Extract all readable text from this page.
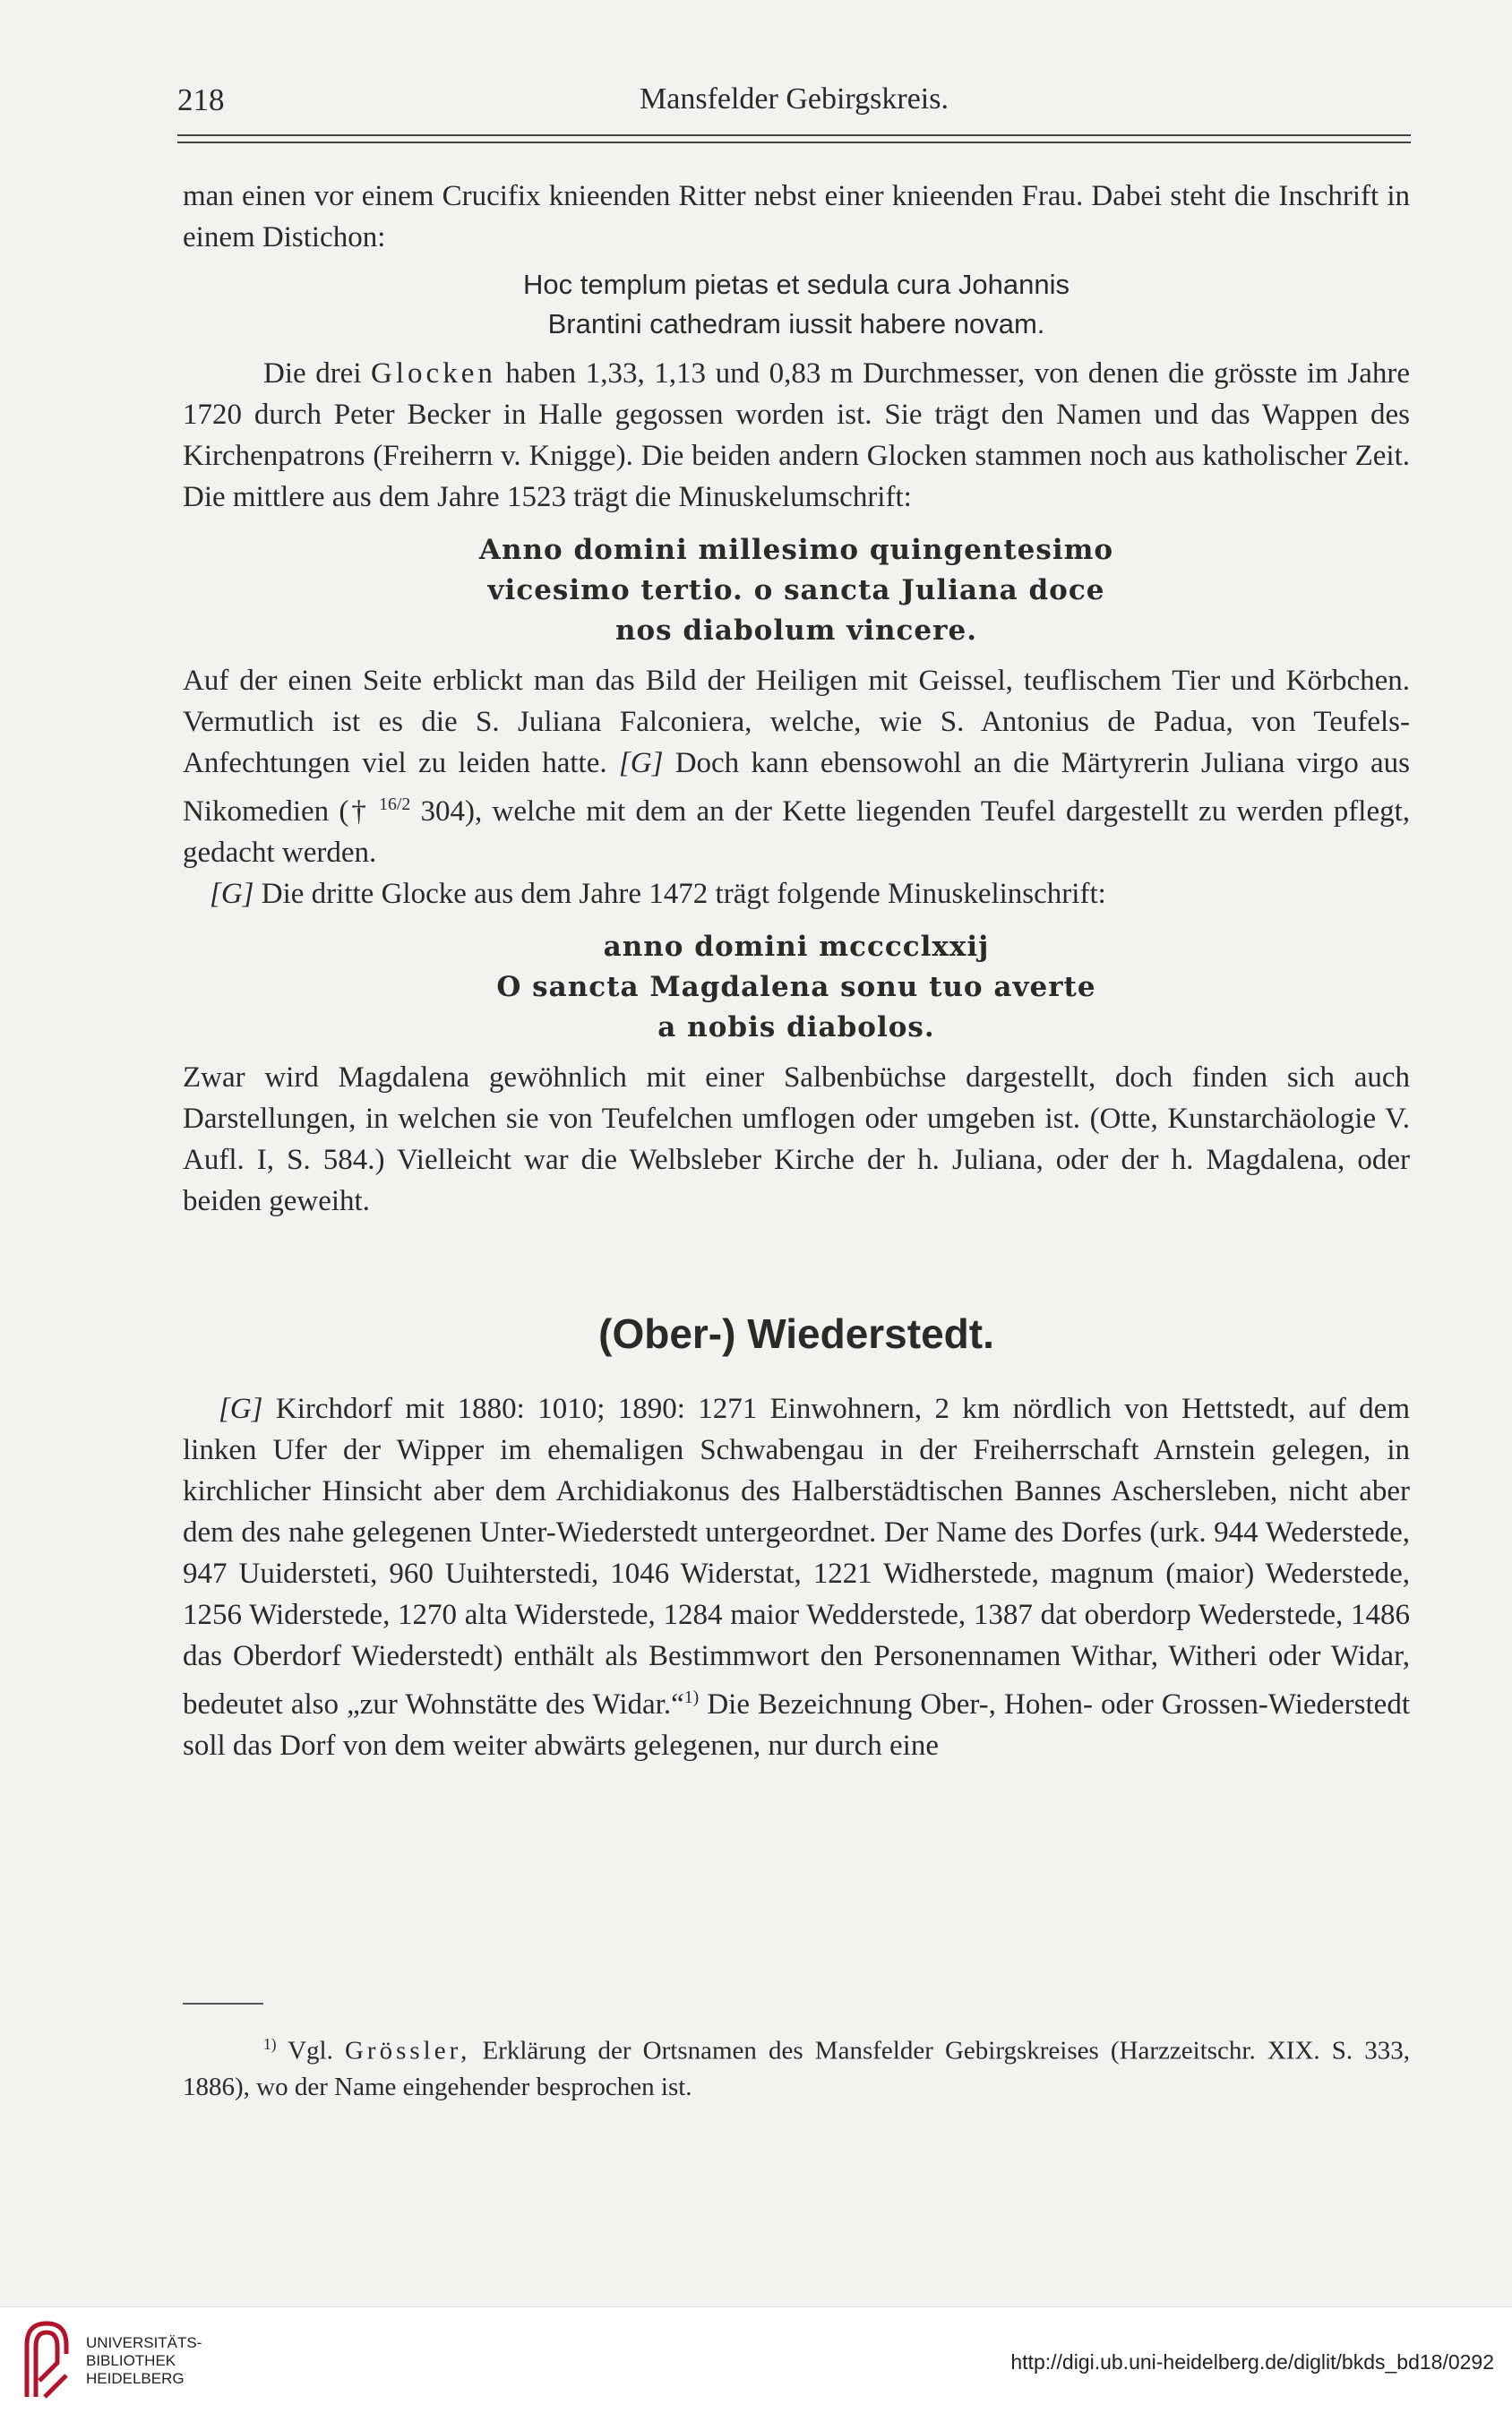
218	Mansfelder Gebirgskreis.

man einen vor einem Crucifix knieenden Ritter nebst einer knieenden Frau. Dabei steht die Inschrift in einem Distichon:

Hoc templum pietas et sedula cura Johannis

Brantini cathedram iussit habere novam.

Die drei Glocken haben 1,33, 1,13 und 0,83 m Durchmesser, von denen die grösste im Jahre 1720 durch Peter Becker in Halle gegossen worden ist. Sie trägt den Namen und das Wappen des Kirchenpatrons (Freiherrn v. Knigge). Die beiden andern Glocken stammen noch aus katholischer Zeit. Die mittlere aus dem Jahre 1523 trägt die Minuskelumschrift:

Anno domini millesimo quingentesimo

vicesimo tertio. o sancta Juliana doce

nos diabolum vincere.

Auf der einen Seite erblickt man das Bild der Heiligen mit Geissel, teuflischem Tier und Körbchen. Vermutlich ist es die S. Juliana Falconiera, welche, wie S. Antonius de Padua, von Teufels-Anfechtungen viel zu leiden hatte. [G] Doch kann ebensowohl an die Märtyrerin Juliana virgo aus Nikomedien († $^{16/2}$ 304), welche mit dem an der Kette liegenden Teufel dargestellt zu werden pflegt, gedacht werden.

[G] Die dritte Glocke aus dem Jahre 1472 trägt folgende Minuskelinschrift:

anno domini mcccclxxij

O sancta Magdalena sonu tuo averte

a nobis diabolos.

Zwar wird Magdalena gewöhnlich mit einer Salbenbüchse dargestellt, doch finden sich auch Darstellungen, in welchen sie von Teufelchen umflogen oder umgeben ist. (Otte, Kunstarchäologie V. Aufl. I, S. 584.) Vielleicht war die Welbsleber Kirche der h. Juliana, oder der h. Magdalena, oder beiden geweiht.

(Ober-) Wiederstedt.

[G] Kirchdorf mit 1880: 1010; 1890: 1271 Einwohnern, 2 km nördlich von Hettstedt, auf dem linken Ufer der Wipper im ehemaligen Schwabengau in der Freiherrschaft Arnstein gelegen, in kirchlicher Hinsicht aber dem Archidiakonus des Halberstädtischen Bannes Aschersleben, nicht aber dem des nahe gelegenen Unter-Wiederstedt untergeordnet. Der Name des Dorfes (urk. 944 Wederstede, 947 Uuidersteti, 960 Uuihterstedi, 1046 Widerstat, 1221 Widherstede, magnum (maior) Wederstede, 1256 Widerstede, 1270 alta Widerstede, 1284 maior Wedderstede, 1387 dat oberdorp Wederstede, 1486 das Oberdorf Wiederstedt) enthält als Bestimmwort den Personennamen Withar, Witheri oder Widar, bedeutet also „zur Wohnstätte des Widar.“$^{1)}$ Die Bezeichnung Ober-, Hohen- oder Grossen-Wiederstedt soll das Dorf von dem weiter abwärts gelegenen, nur durch eine

$^{1)}$ Vgl. Grössler, Erklärung der Ortsnamen des Mansfelder Gebirgskreises (Harzzeitschr. XIX. S. 333, 1886), wo der Name eingehender besprochen ist.

UNIVERSITÄTS-
BIBLIOTHEK
HEIDELBERG
http://digi.ub.uni-heidelberg.de/diglit/bkds_bd18/0292
